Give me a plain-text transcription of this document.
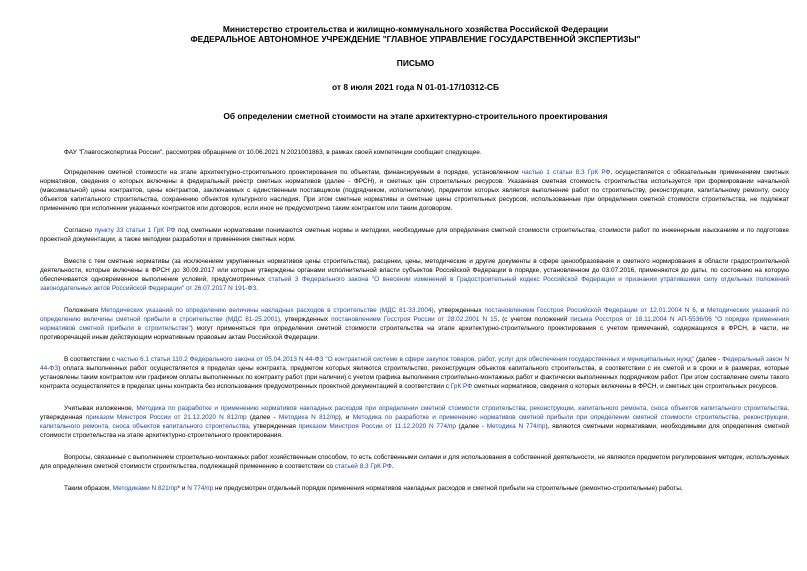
Министерство строительства и жилищно-коммунального хозяйства Российской Федерации
ФЕДЕРАЛЬНОЕ АВТОНОМНОЕ УЧРЕЖДЕНИЕ "ГЛАВНОЕ УПРАВЛЕНИЕ ГОСУДАРСТВЕННОЙ ЭКСПЕРТИЗЫ"
ПИСЬМО
от 8 июля 2021 года N 01-01-17/10312-СБ
Об определении сметной стоимости на этапе архитектурно-строительного проектирования

ФАУ "Главгосэкспертиза России", рассмотрев обращение от 10.06.2021 N 2021001863, в рамках своей компетенции сообщает следующее.

Определение сметной стоимости на этапе архитектурно-строительного проектирования по объектам, финансируемым в порядке, установленном частью 1 статьи 8.3 ГрК РФ, осуществляется с обязательным применением сметных нормативов, сведения о которых включены в федеральный реестр сметных нормативов (далее - ФРСН), и сметных цен строительных ресурсов. Указанная сметная стоимость строительства используется при формировании начальной (максимальной) цены контрактов, цены контрактов, заключаемых с единственным поставщиком (подрядчиком, исполнителем), предметом которых является выполнение работ по строительству, реконструкции, капитальному ремонту, сносу объектов капитального строительства, сохранению объектов культурного наследия. При этом сметные нормативы и сметные цены строительных ресурсов, использованные при определении сметной стоимости строительства, не подлежат применению при исполнении указанных контрактов или договоров, если иное не предусмотрено таким контрактом или таким договором.

Согласно пункту 33 статьи 1 ГрК РФ под сметными нормативами понимаются сметные нормы и методики, необходимые для определения сметной стоимости строительства, стоимости работ по инженерным изысканиям и по подготовке проектной документации, а также методики разработки и применения сметных норм.

Вместе с тем сметные нормативы (за исключением укрупненных нормативов цены строительства), расценки, цены, методические и другие документы в сфере ценообразования и сметного нормирования в области градостроительной деятельности, которые включены в ФРСН до 30.09.2017 или которые утверждены органами исполнительной власти субъектов Российской Федерации в порядке, установленном до 03.07.2016, применяются до даты, по состоянию на которую обеспечивается одновременное выполнение условий, предусмотренных статьей 3 Федерального закона "О внесении изменений в Градостроительный кодекс Российской Федерации и признании утратившими силу отдельных положений законодательных актов Российской Федерации" от 26.07.2017 N 191-ФЗ.

Положения Методических указаний по определению величины накладных расходов в строительстве (МДС 81-33.2004), утвержденных постановлением Госстроя Российской Федерации от 12.01.2004 N 6, и Методических указаний по определению величины сметной прибыли в строительстве (МДС 81-25.2001), утвержденных постановлением Госстроя России от 28.02.2001 N 15, (с учетом положений письма Росстроя от 18.11.2004 N АП-5536/06 "О порядке применения нормативов сметной прибыли в строительстве") могут применяться при определении сметной стоимости строительства на этапе архитектурно-строительного проектирования с учетом примечаний, содержащихся в ФРСН, в части, не противоречащей иным действующим нормативным правовым актам Российской Федерации.

В соответствии с частью 6.1 статьи 110.2 Федерального закона от 05.04.2013 N 44-ФЗ "О контрактной системе в сфере закупок товаров, работ, услуг для обеспечения государственных и муниципальных нужд" (далее - Федеральный закон N 44-ФЗ) оплата выполненных работ осуществляется в пределах цены контракта, предметом которых являются строительство, реконструкция объектов капитального строительства, в соответствии с их сметой и в сроки и в размерах, которые установлены таким контрактом или графиком оплаты выполненных по контракту работ (при наличии) с учетом графика выполнения строительно-монтажных работ и фактически выполненных подрядчиком работ. При этом составление сметы такого контракта осуществляется в пределах цены контракта без использования предусмотренных проектной документацией в соответствии с ГрК РФ сметных нормативов, сведения о которых включены в ФРСН, и сметных цен строительных ресурсов.

Учитывая изложенное, Методика по разработке и применению нормативов накладных расходов при определении сметной стоимости строительства, реконструкции, капитального ремонта, сноса объектов капитального строительства, утвержденная приказом Минстроя России от 21.12.2020 N 812/пр (далее - Методика N 812/пр), и Методика по разработке и применению нормативов сметной прибыли при определении сметной стоимости строительства, реконструкции, капитального ремонта, сноса объектов капитального строительства, утвержденная приказом Минстроя России от 11.12.2020 N 774/пр (далее - Методика N 774/пр), являются сметными нормативами, необходимыми для определения сметной стоимости строительства на этапе архитектурно-строительного проектирования.

Вопросы, связанные с выполнением строительно-монтажных работ хозяйственным способом, то есть собственными силами и для использования в собственной деятельности, не являются предметом регулирования методик, используемых для определения сметной стоимости строительства, подлежащей применению в соответствии со статьей 8.3 ГрК РФ.

Таким образом, Методиками N 821/пр* и N 774/пр не предусмотрен отдельный порядок применения нормативов накладных расходов и сметной прибыли на строительные (ремонтно-строительные) работы,
